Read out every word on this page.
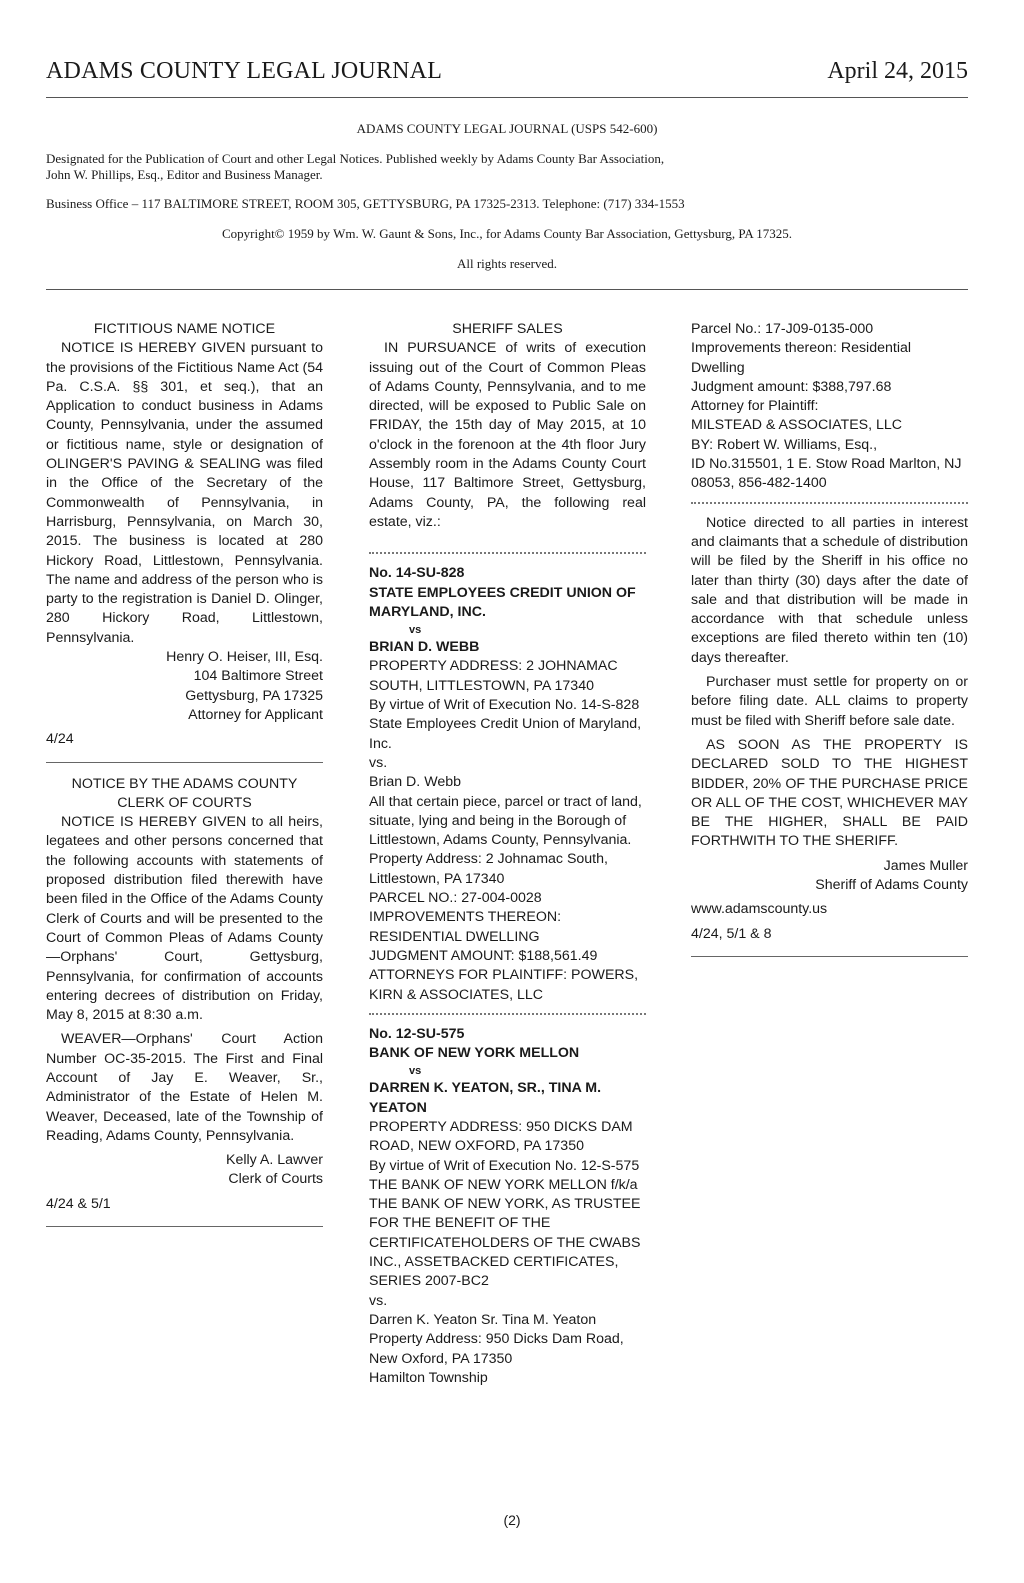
ADAMS COUNTY LEGAL JOURNAL	April 24, 2015
ADAMS COUNTY LEGAL JOURNAL (USPS 542-600)
Designated for the Publication of Court and other Legal Notices. Published weekly by Adams County Bar Association,
John W. Phillips, Esq., Editor and Business Manager.
Business Office – 117 BALTIMORE STREET, ROOM 305, GETTYSBURG, PA 17325-2313. Telephone: (717) 334-1553
Copyright© 1959 by Wm. W. Gaunt & Sons, Inc., for Adams County Bar Association, Gettysburg, PA 17325.
All rights reserved.

FICTITIOUS NAME NOTICE

NOTICE IS HEREBY GIVEN pursuant to the provisions of the Fictitious Name Act (54 Pa. C.S.A. §§ 301, et seq.), that an Application to conduct business in Adams County, Pennsylvania, under the assumed or fictitious name, style or designation of OLINGER'S PAVING & SEALING was filed in the Office of the Secretary of the Commonwealth of Pennsylvania, in Harrisburg, Pennsylvania, on March 30, 2015. The business is located at 280 Hickory Road, Littlestown, Pennsylvania. The name and address of the person who is party to the registration is Daniel D. Olinger, 280 Hickory Road, Littlestown, Pennsylvania.

Henry O. Heiser, III, Esq.

104 Baltimore Street

Gettysburg, PA 17325

Attorney for Applicant

4/24

NOTICE BY THE ADAMS COUNTY

CLERK OF COURTS

NOTICE IS HEREBY GIVEN to all heirs, legatees and other persons concerned that the following accounts with statements of proposed distribution filed therewith have been filed in the Office of the Adams County Clerk of Courts and will be presented to the Court of Common Pleas of Adams County—Orphans' Court, Gettysburg, Pennsylvania, for confirmation of accounts entering decrees of distribution on Friday, May 8, 2015 at 8:30 a.m.

WEAVER—Orphans' Court Action Number OC-35-2015. The First and Final Account of Jay E. Weaver, Sr., Administrator of the Estate of Helen M. Weaver, Deceased, late of the Township of Reading, Adams County, Pennsylvania.

Kelly A. Lawver

Clerk of Courts

4/24 & 5/1

SHERIFF SALES

IN PURSUANCE of writs of execution issuing out of the Court of Common Pleas of Adams County, Pennsylvania, and to me directed, will be exposed to Public Sale on FRIDAY, the 15th day of May 2015, at 10 o'clock in the forenoon at the 4th floor Jury Assembly room in the Adams County Court House, 117 Baltimore Street, Gettysburg, Adams County, PA, the following real estate, viz.:

No. 14-SU-828

STATE EMPLOYEES CREDIT UNION OF MARYLAND, INC.

vs

BRIAN D. WEBB

PROPERTY ADDRESS: 2 JOHNAMAC SOUTH, LITTLESTOWN, PA 17340

By virtue of Writ of Execution No. 14-S-828

State Employees Credit Union of Maryland, Inc.

vs.

Brian D. Webb

All that certain piece, parcel or tract of land, situate, lying and being in the Borough of Littlestown, Adams County, Pennsylvania.

Property Address: 2 Johnamac South, Littlestown, PA 17340

PARCEL NO.: 27-004-0028

IMPROVEMENTS THEREON: RESIDENTIAL DWELLING

JUDGMENT AMOUNT: $188,561.49

ATTORNEYS FOR PLAINTIFF: POWERS, KIRN & ASSOCIATES, LLC

No. 12-SU-575

BANK OF NEW YORK MELLON

vs

DARREN K. YEATON, SR., TINA M. YEATON

PROPERTY ADDRESS: 950 DICKS DAM ROAD, NEW OXFORD, PA 17350

By virtue of Writ of Execution No. 12-S-575

THE BANK OF NEW YORK MELLON f/k/a THE BANK OF NEW YORK, AS TRUSTEE FOR THE BENEFIT OF THE CERTIFICATEHOLDERS OF THE CWABS INC., ASSETBACKED CERTIFICATES, SERIES 2007-BC2

vs.

Darren K. Yeaton Sr. Tina M. Yeaton

Property Address: 950 Dicks Dam Road, New Oxford, PA 17350

Hamilton Township

Parcel No.: 17-J09-0135-000

Improvements thereon: Residential Dwelling

Judgment amount: $388,797.68

Attorney for Plaintiff:

MILSTEAD & ASSOCIATES, LLC

BY: Robert W. Williams, Esq.,

ID No.315501, 1 E. Stow Road Marlton, NJ 08053, 856-482-1400

Notice directed to all parties in interest and claimants that a schedule of distribution will be filed by the Sheriff in his office no later than thirty (30) days after the date of sale and that distribution will be made in accordance with that schedule unless exceptions are filed thereto within ten (10) days thereafter.

Purchaser must settle for property on or before filing date. ALL claims to property must be filed with Sheriff before sale date.

AS SOON AS THE PROPERTY IS DECLARED SOLD TO THE HIGHEST BIDDER, 20% OF THE PURCHASE PRICE OR ALL OF THE COST, WHICHEVER MAY BE THE HIGHER, SHALL BE PAID FORTHWITH TO THE SHERIFF.

James Muller

Sheriff of Adams County

www.adamscounty.us

4/24, 5/1 & 8

(2)
